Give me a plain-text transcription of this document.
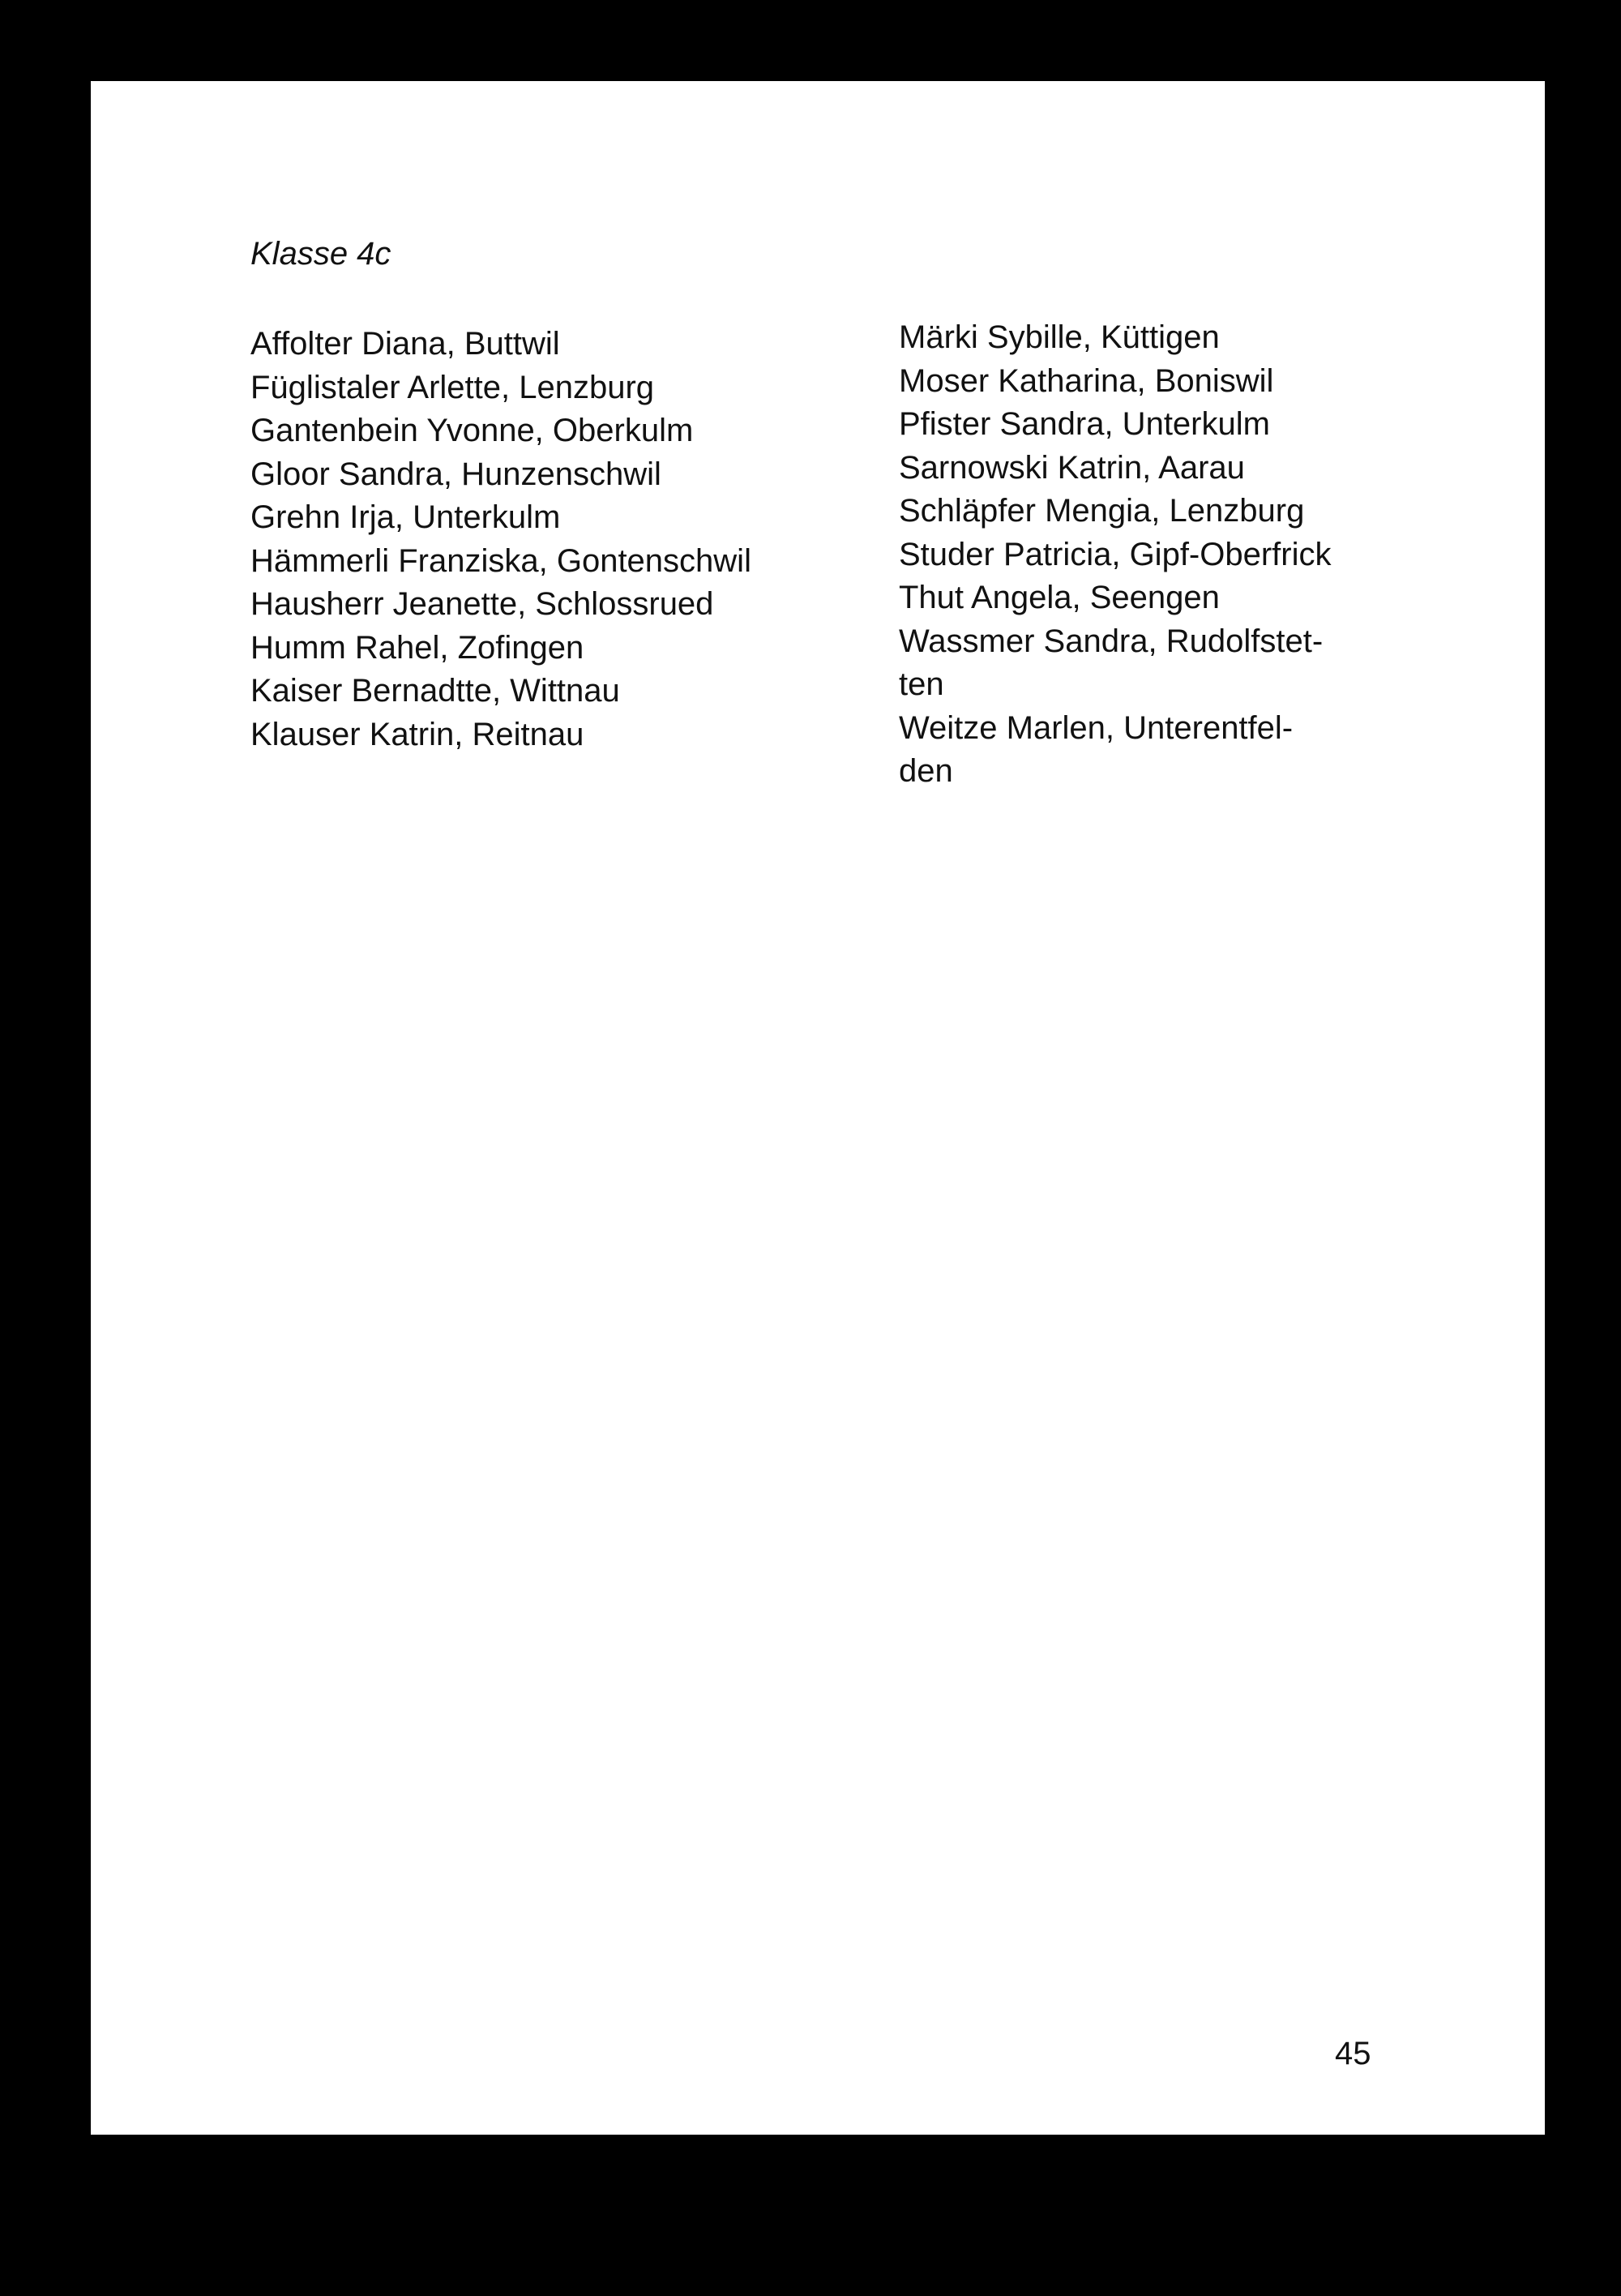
Klasse 4c
Affolter Diana, Buttwil
Füglistaler Arlette, Lenzburg
Gantenbein Yvonne, Oberkulm
Gloor Sandra, Hunzenschwil
Grehn Irja, Unterkulm
Hämmerli Franziska, Gontenschwil
Hausherr Jeanette, Schlossrued
Humm Rahel, Zofingen
Kaiser Bernadtte, Wittnau
Klauser Katrin, Reitnau
Märki Sybille, Küttigen
Moser Katharina, Boniswil
Pfister Sandra, Unterkulm
Sarnowski Katrin, Aarau
Schläpfer Mengia, Lenzburg
Studer Patricia, Gipf-Oberfrick
Thut Angela, Seengen
Wassmer Sandra, Rudolfstet-
ten
Weitze Marlen, Unterentfel-
den
45
